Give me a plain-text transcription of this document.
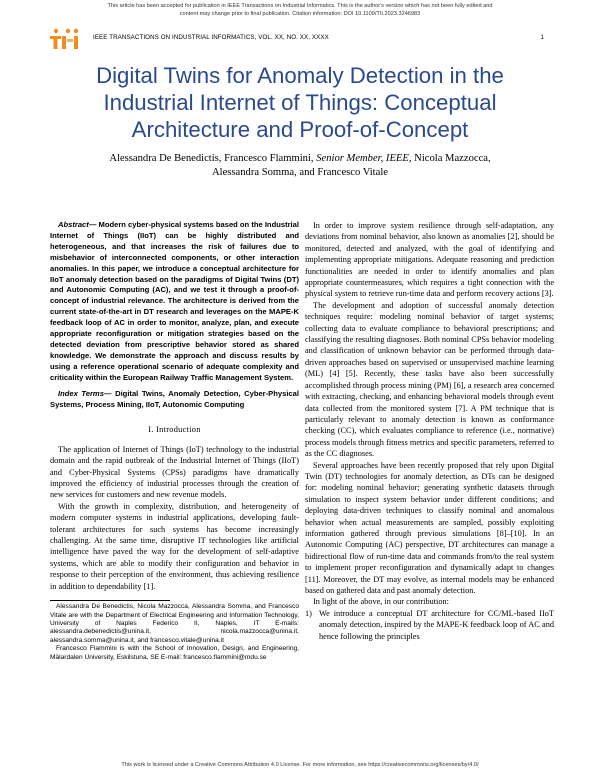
This article has been accepted for publication in IEEE Transactions on Industrial Informatics. This is the author's version which has not been fully edited and
content may change prior to final publication. Citation information: DOI 10.1109/TII.2023.3246983
tii
IEEE TRANSACTIONS ON INDUSTRIAL INFORMATICS, VOL. XX, NO. XX, XXXX	1
Digital Twins for Anomaly Detection in the
Industrial Internet of Things: Conceptual
Architecture and Proof-of-Concept
Alessandra De Benedictis, Francesco Flammini, Senior Member, IEEE, Nicola Mazzocca,
Alessandra Somma, and Francesco Vitale

Abstract— Modern cyber-physical systems based on the Industrial Internet of Things (IIoT) can be highly distributed and heterogeneous, and that increases the risk of failures due to misbehavior of interconnected components, or other interaction anomalies. In this paper, we introduce a conceptual architecture for IIoT anomaly detection based on the paradigms of Digital Twins (DT) and Autonomic Computing (AC), and we test it through a proof-of-concept of industrial relevance. The architecture is derived from the current state-of-the-art in DT research and leverages on the MAPE-K feedback loop of AC in order to monitor, analyze, plan, and execute appropriate reconfiguration or mitigation strategies based on the detected deviation from prescriptive behavior stored as shared knowledge. We demonstrate the approach and discuss results by using a reference operational scenario of adequate complexity and criticality within the European Railway Traffic Management System.

Index Terms— Digital Twins, Anomaly Detection, Cyber-Physical Systems, Process Mining, IIoT, Autonomic Computing

I. Introduction

The application of Internet of Things (IoT) technology to the industrial domain and the rapid outbreak of the Industrial Internet of Things (IIoT) and Cyber-Physical Systems (CPSs) paradigms have dramatically improved the efficiency of industrial processes through the creation of new services for customers and new revenue models.

With the growth in complexity, distribution, and heterogeneity of modern computer systems in industrial applications, developing fault-tolerant architectures for such systems has become increasingly challenging. At the same time, disruptive IT technologies like artificial intelligence have paved the way for the development of self-adaptive systems, which are able to modify their configuration and behavior in response to their perception of the environment, thus achieving resilience in addition to dependability [1].

Alessandra De Benedictis, Nicola Mazzocca, Alessandra Somma, and Francesco Vitale are with the Department of Electrical Engineering and Information Technology, University of Naples Federico II, Naples, IT E-mails: alessandra.debenedictis@unina.it, nicola.mazzocca@unina.it, alessandra.somma@unina.it, and francesco.vitale@unina.it

Francesco Flammini is with the School of Innovation, Design, and Engineering, Mälardalen University, Eskilstuna, SE E-mail: francesco.flammini@mdu.se

In order to improve system resilience through self-adaptation, any deviations from nominal behavior, also known as anomalies [2], should be monitored, detected and analyzed, with the goal of identifying and implementing appropriate mitigations. Adequate reasoning and prediction functionalities are needed in order to identify anomalies and plan appropriate countermeasures, which requires a tight connection with the physical system to retrieve run-time data and perform recovery actions [3].

The development and adoption of successful anomaly detection techniques require: modeling nominal behavior of target systems; collecting data to evaluate compliance to behavioral prescriptions; and classifying the resulting diagnoses. Both nominal CPSs behavior modeling and classification of unknown behavior can be performed through data-driven approaches based on supervised or unsupervised machine learning (ML) [4] [5]. Recently, these tasks have also been successfully accomplished through process mining (PM) [6], a research area concerned with extracting, checking, and enhancing behavioral models through event data collected from the monitored system [7]. A PM technique that is particularly relevant to anomaly detection is known as conformance checking (CC), which evaluates compliance to reference (i.e., normative) process models through fitness metrics and specific parameters, referred to as the CC diagnoses.

Several approaches have been recently proposed that rely upon Digital Twin (DT) technologies for anomaly detection, as DTs can be designed for: modeling nominal behavior; generating synthetic datasets through simulation to inspect system behavior under different conditions; and deploying data-driven techniques to classify nominal and anomalous behavior when actual measurements are sampled, possibly exploiting information gathered through previous simulations [8]–[10]. In an Autonomic Computing (AC) perspective, DT architectures can manage a bidirectional flow of run-time data and commands from/to the real system to implement proper reconfiguration and dynamically adapt to changes [11]. Moreover, the DT may evolve, as internal models may be enhanced based on gathered data and past anomaly detection.

In light of the above, in our contribution:

1) We introduce a conceptual DT architecture for CC/ML-based IIoT anomaly detection, inspired by the MAPE-K feedback loop of AC and hence following the principles
This work is licensed under a Creative Commons Attribution 4.0 License. For more information, see https://creativecommons.org/licenses/by/4.0/
